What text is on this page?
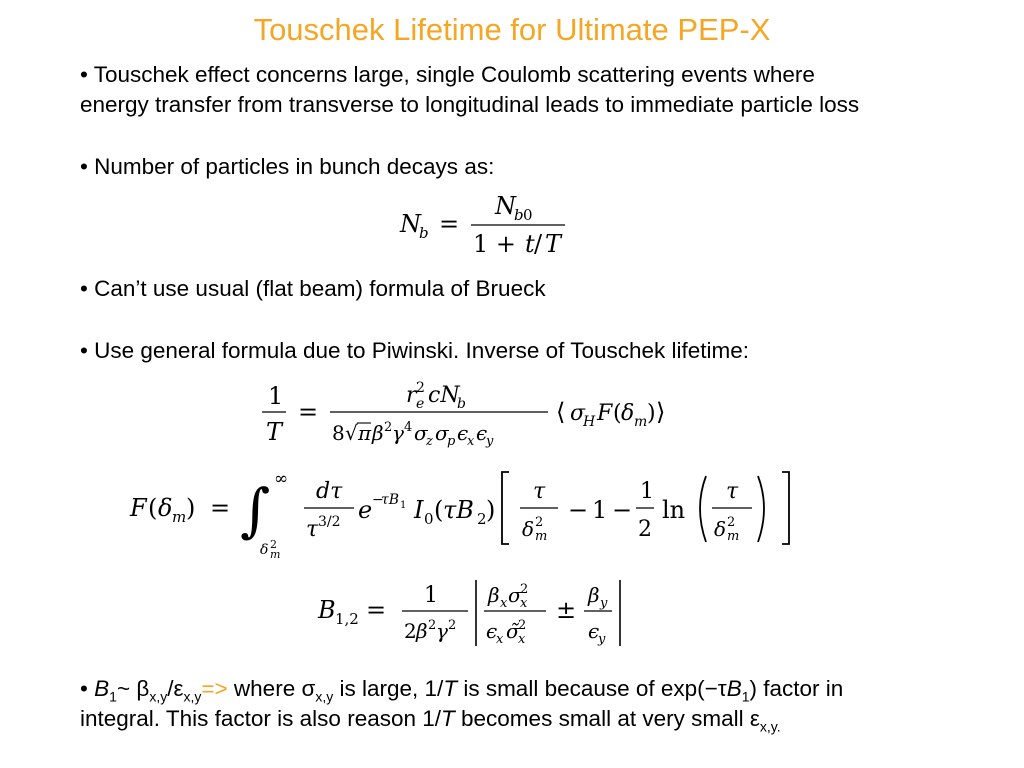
Touschek Lifetime for Ultimate PEP-X
• Touschek effect concerns large, single Coulomb scattering events where
energy transfer from transverse to longitudinal leads to immediate particle loss
• Number of particles in bunch decays as:
N
b =
N
b 0
1 + t / T
• Can’t use usual (flat beam) formula of Brueck
• Use general formula due to Piwinski. Inverse of Touschek lifetime:
1
T
=
r 2
e cN
b
8 √ π β 2 γ 4 σ
z σ
p ϵ
x ϵ
y
⟨ σ
H F ( δ m ) ⟩
F ( δ m ) = ∫ ∞
δ 2
m
dτ
τ 3/2 e −
τB 1 I 0 ( τB 2 )
τ
δ 2
m
− 1 −
1
2
ln
τ
δ 2
m
B 1,2 =
1
2 β 2 γ 2
β x σ
2
x
ϵ
x σ̃
2
x
±
β y
ϵ
y
• $B_1\sim$ $\beta_{x,y}/\varepsilon_{x,y}=>$ where $\sigma_{x,y}$ is large, 1/T is small because of $\exp(-\tau B_1)$ factor in
integral. This factor is also reason 1/T becomes small at very small $\varepsilon_{x,y.}$
